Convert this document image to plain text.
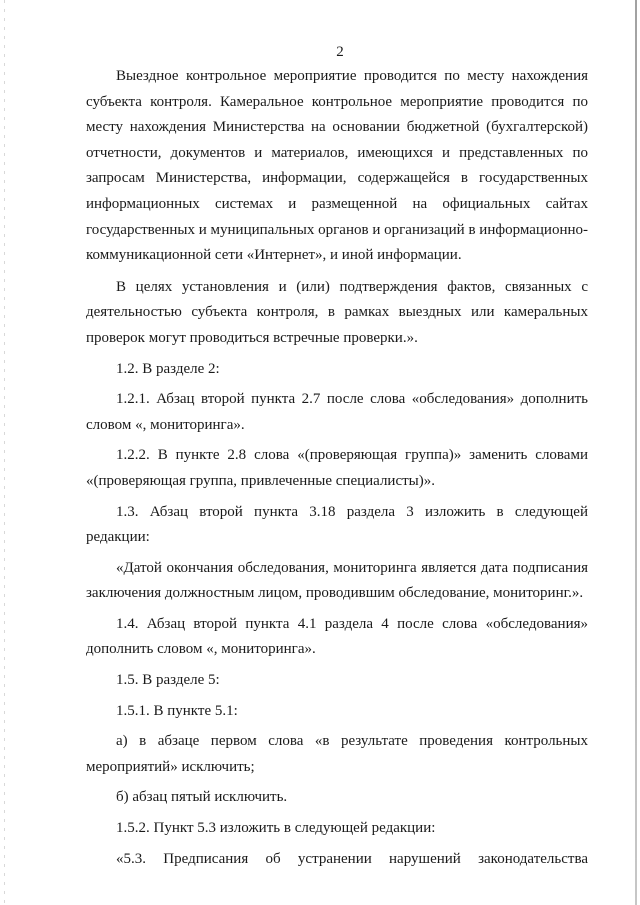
2

Выездное контрольное мероприятие проводится по месту нахождения субъекта контроля. Камеральное контрольное мероприятие проводится по месту нахождения Министерства на основании бюджетной (бухгалтерской) отчетности, документов и материалов, имеющихся и представленных по запросам Министерства, информации, содержащейся в государственных информационных системах и размещенной на официальных сайтах государственных и муниципальных органов и организаций в информационно-коммуникационной сети «Интернет», и иной информации.

В целях установления и (или) подтверждения фактов, связанных с деятельностью субъекта контроля, в рамках выездных или камеральных проверок могут проводиться встречные проверки.».

1.2. В разделе 2:

1.2.1. Абзац второй пункта 2.7 после слова «обследования» дополнить словом «, мониторинга».

1.2.2. В пункте 2.8 слова «(проверяющая группа)» заменить словами «(проверяющая группа, привлеченные специалисты)».

1.3. Абзац второй пункта 3.18 раздела 3 изложить в следующей редакции:

«Датой окончания обследования, мониторинга является дата подписания заключения должностным лицом, проводившим обследование, мониторинг.».

1.4. Абзац второй пункта 4.1 раздела 4 после слова «обследования» дополнить словом «, мониторинга».

1.5. В разделе 5:

1.5.1. В пункте 5.1:

а) в абзаце первом слова «в результате проведения контрольных мероприятий» исключить;

б) абзац пятый исключить.

1.5.2. Пункт 5.3 изложить в следующей редакции:

«5.3. Предписания об устранении нарушений законодательства
